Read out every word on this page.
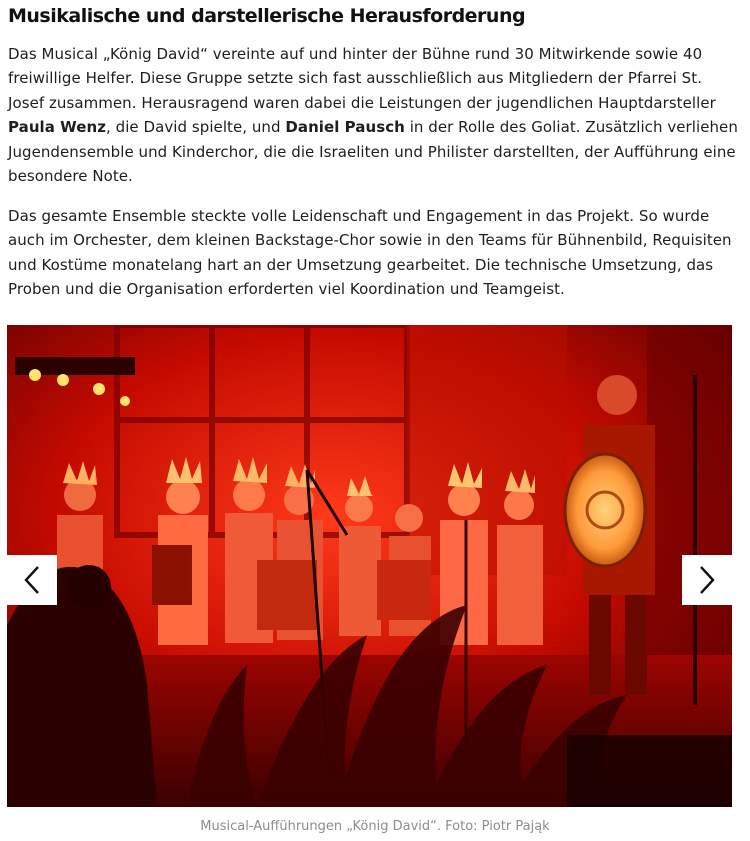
Musikalische und darstellerische Herausforderung

Das Musical „König David“ vereinte auf und hinter der Bühne rund 30 Mitwirkende sowie 40 freiwillige Helfer. Diese Gruppe setzte sich fast ausschließlich aus Mitgliedern der Pfarrei St. Josef zusammen. Herausragend waren dabei die Leistungen der jugendlichen Hauptdarsteller Paula Wenz, die David spielte, und Daniel Pausch in der Rolle des Goliat. Zusätzlich verliehen Jugendensemble und Kinderchor, die die Israeliten und Philister darstellten, der Aufführung eine besondere Note.

Das gesamte Ensemble steckte volle Leidenschaft und Engagement in das Projekt. So wurde auch im Orchester, dem kleinen Backstage-Chor sowie in den Teams für Bühnenbild, Requisiten und Kostüme monatelang hart an der Umsetzung gearbeitet. Die technische Umsetzung, das Proben und die Organisation erforderten viel Koordination und Teamgeist.

Musical-Aufführungen „König David“. Foto: Piotr Pająk
